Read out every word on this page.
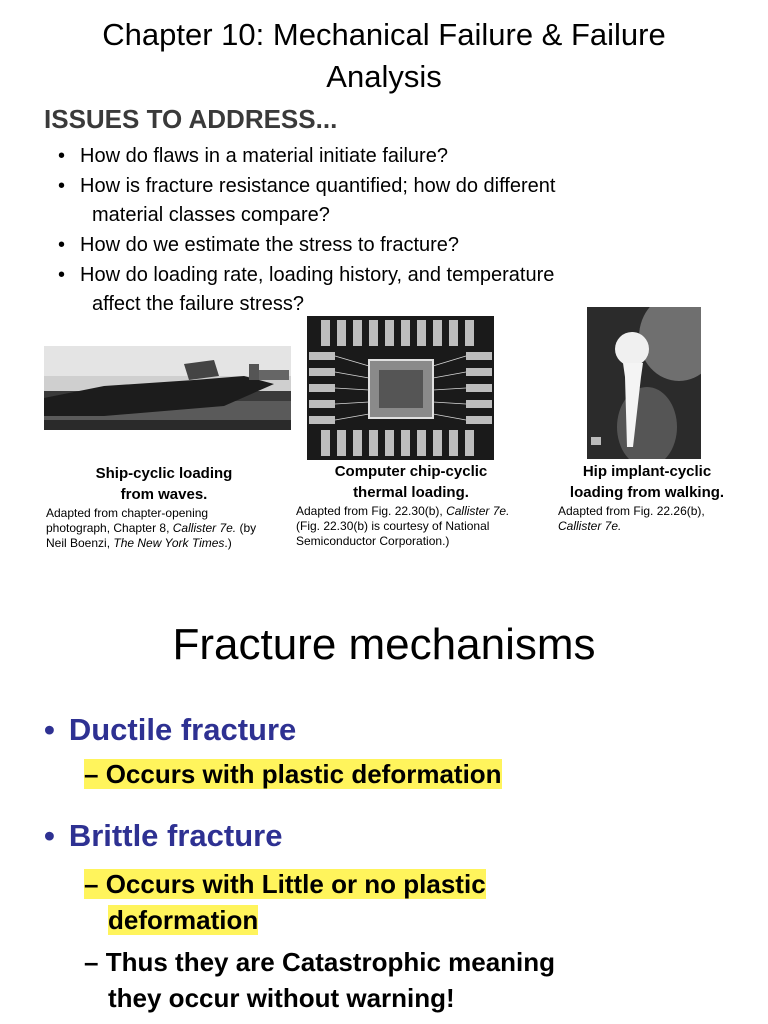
Chapter 10: Mechanical Failure & Failure
Analysis
ISSUES TO ADDRESS...
• How do flaws in a material initiate failure?
• How is fracture resistance quantified; how do different
material classes compare?
• How do we estimate the stress to fracture?
• How do loading rate, loading history, and temperature
affect the failure stress?
Ship-cyclic loading
from waves.
Adapted from chapter-opening
photograph, Chapter 8, Callister 7e. (by
Neil Boenzi, The New York Times.)
Computer chip-cyclic
thermal loading.
Adapted from Fig. 22.30(b), Callister 7e.
(Fig. 22.30(b) is courtesy of National
Semiconductor Corporation.)
Hip implant-cyclic
loading from walking.
Adapted from Fig. 22.26(b),
Callister 7e.
Fracture mechanisms
• Ductile fracture
– Occurs with plastic deformation
• Brittle fracture
– Occurs with Little or no plastic
deformation
– Thus they are Catastrophic meaning
they occur without warning!
